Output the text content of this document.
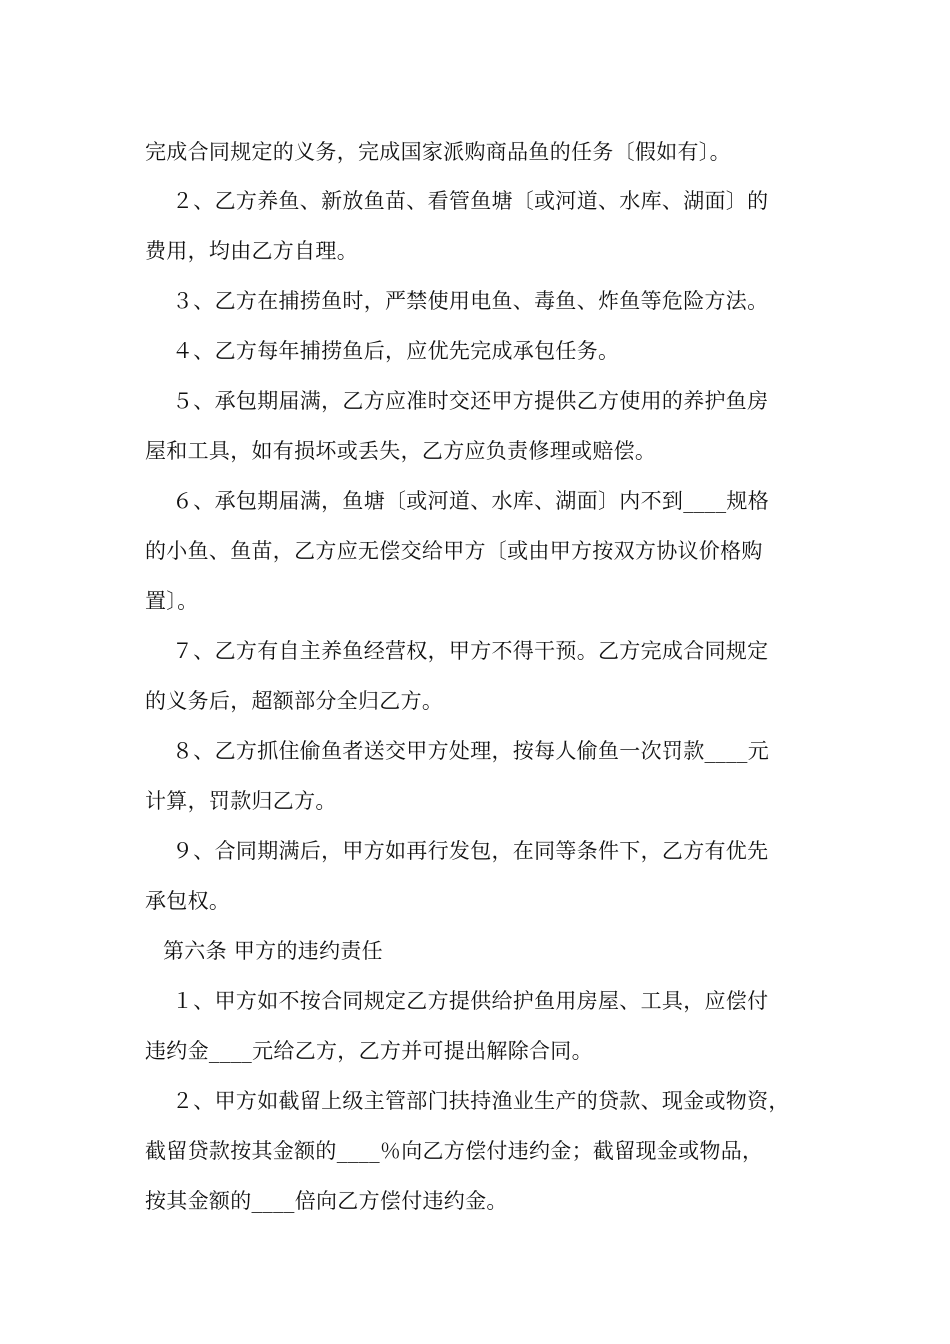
完成合同规定的义务，完成国家派购商品鱼的任务〔假如有〕。
２、乙方养鱼、新放鱼苗、看管鱼塘〔或河道、水库、湖面〕的
费用，均由乙方自理。
３、乙方在捕捞鱼时，严禁使用电鱼、毒鱼、炸鱼等危险方法。
４、乙方每年捕捞鱼后，应优先完成承包任务。
５、承包期届满，乙方应准时交还甲方提供乙方使用的养护鱼房
屋和工具，如有损坏或丢失，乙方应负责修理或赔偿。
６、承包期届满，鱼塘〔或河道、水库、湖面〕内不到____规格
的小鱼、鱼苗，乙方应无偿交给甲方〔或由甲方按双方协议价格购
置〕。
７、乙方有自主养鱼经营权，甲方不得干预。乙方完成合同规定
的义务后，超额部分全归乙方。
８、乙方抓住偷鱼者送交甲方处理，按每人偷鱼一次罚款____元
计算，罚款归乙方。
９、合同期满后，甲方如再行发包，在同等条件下，乙方有优先
承包权。
第六条 甲方的违约责任
１、甲方如不按合同规定乙方提供给护鱼用房屋、工具，应偿付
违约金____元给乙方，乙方并可提出解除合同。
２、甲方如截留上级主管部门扶持渔业生产的贷款、现金或物资，
截留贷款按其金额的____％向乙方偿付违约金；截留现金或物品，
按其金额的____倍向乙方偿付违约金。
